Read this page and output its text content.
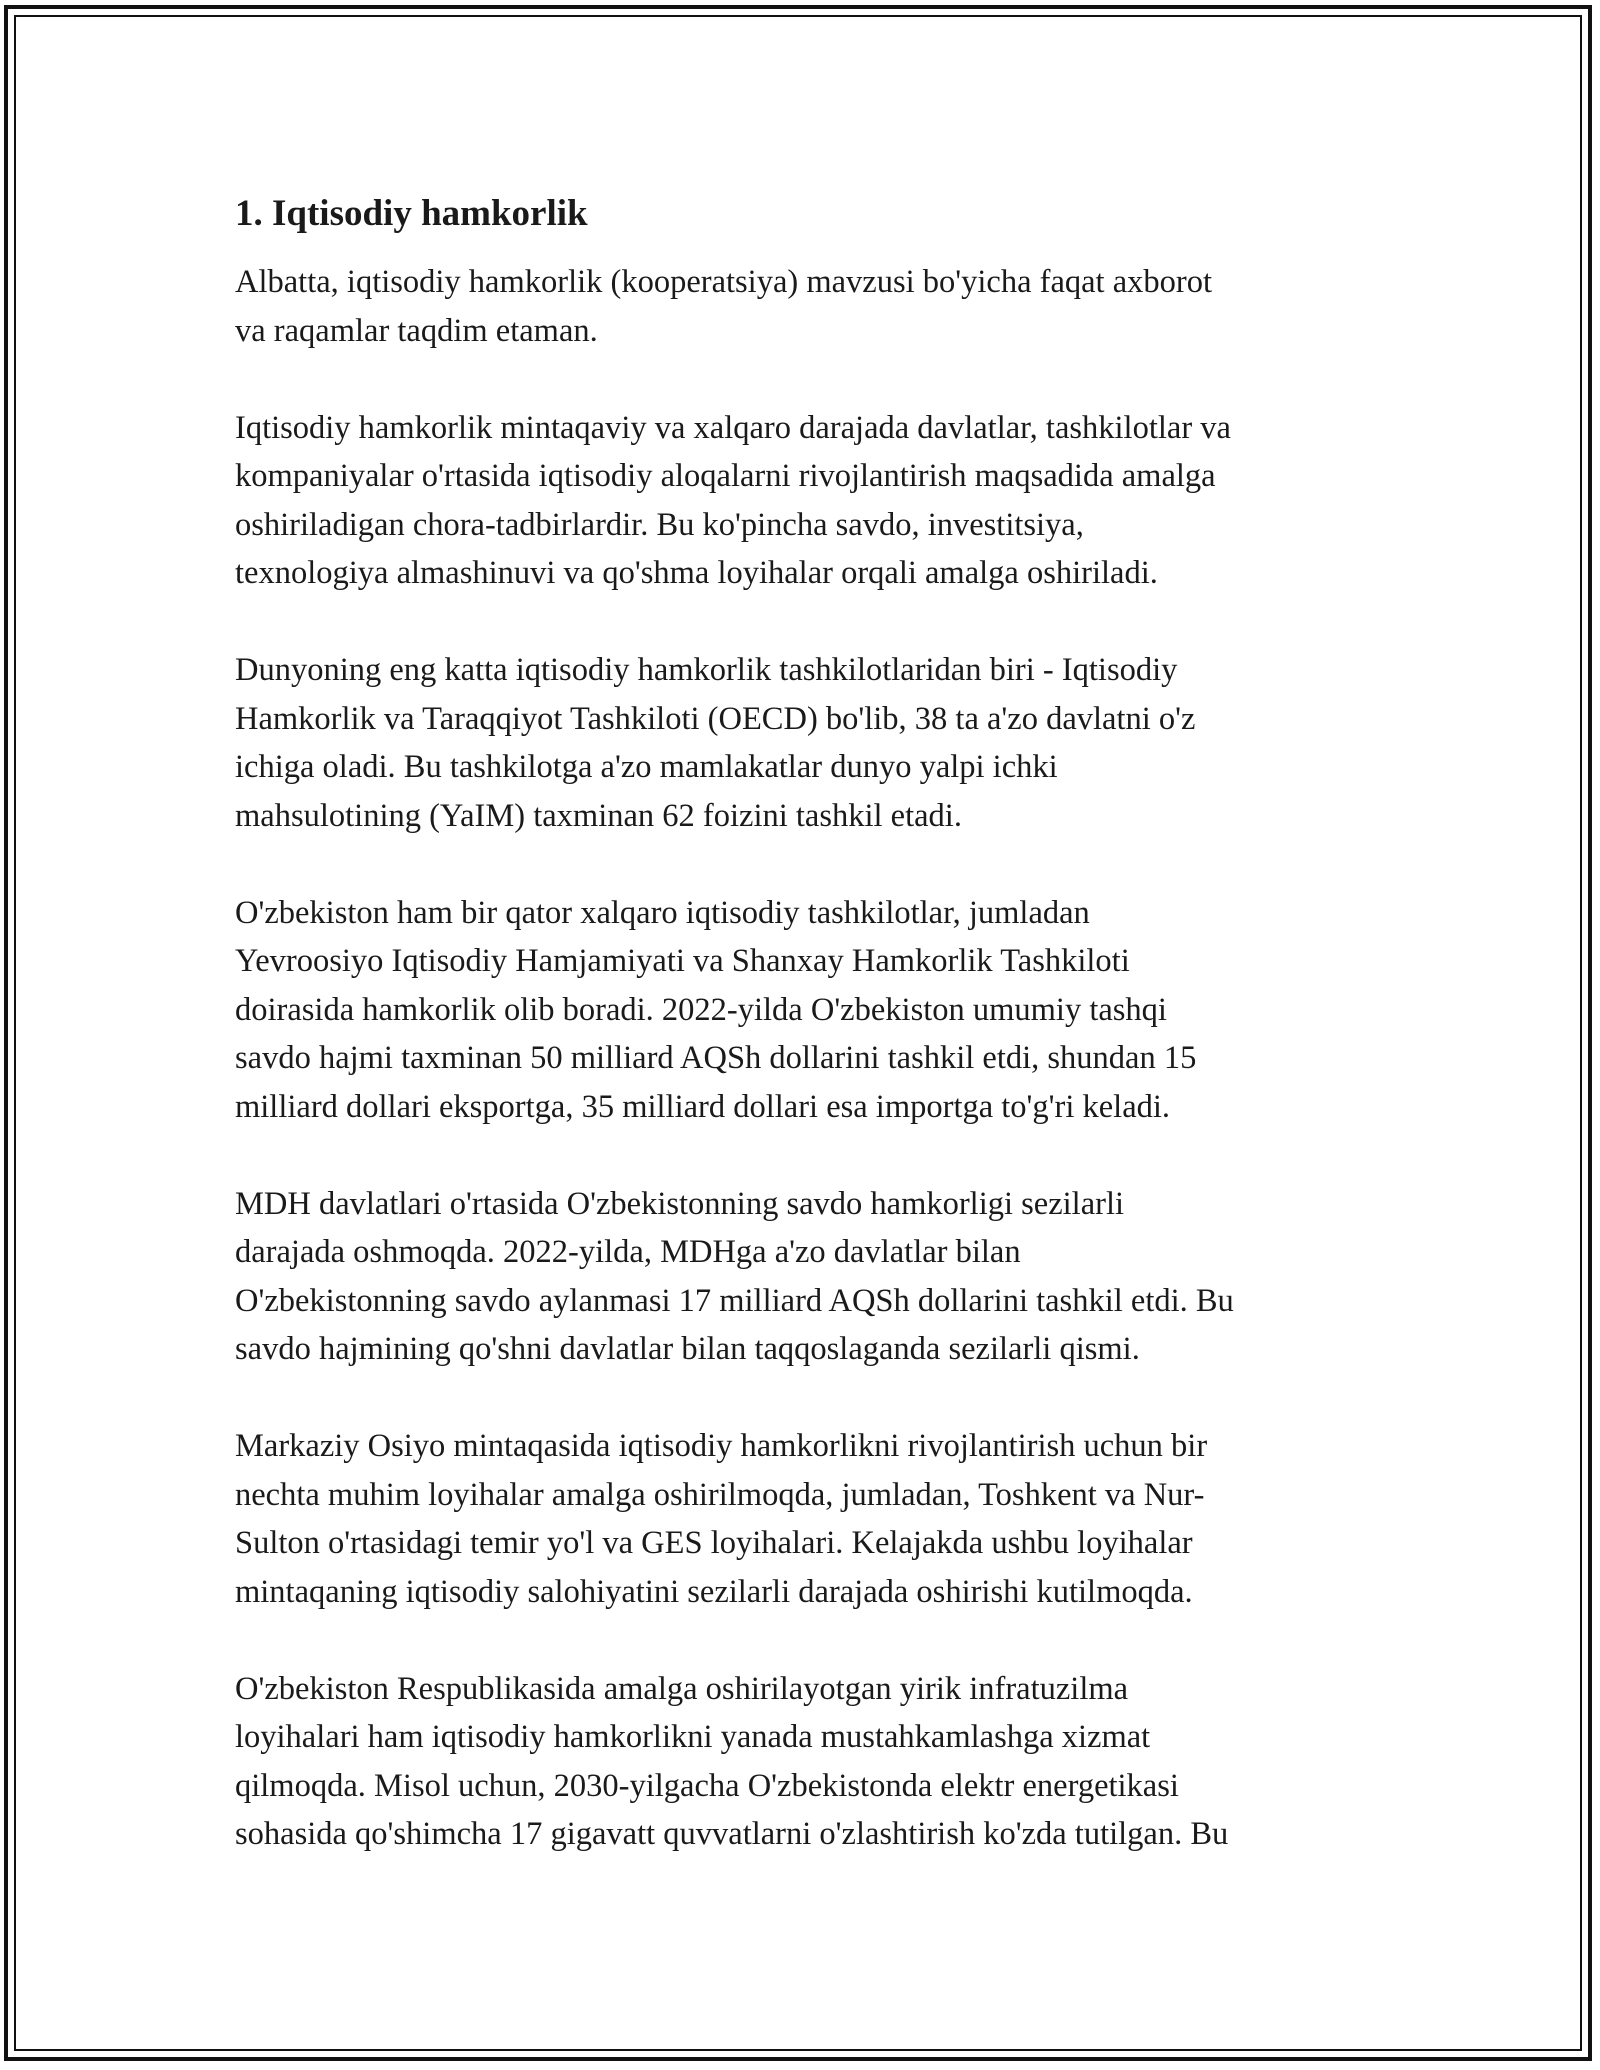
1. Iqtisodiy hamkorlik

Albatta, iqtisodiy hamkorlik (kooperatsiya) mavzusi bo'yicha faqat axborot
va raqamlar taqdim etaman.

Iqtisodiy hamkorlik mintaqaviy va xalqaro darajada davlatlar, tashkilotlar va
kompaniyalar o'rtasida iqtisodiy aloqalarni rivojlantirish maqsadida amalga
oshiriladigan chora-tadbirlardir. Bu ko'pincha savdo, investitsiya,
texnologiya almashinuvi va qo'shma loyihalar orqali amalga oshiriladi.

Dunyoning eng katta iqtisodiy hamkorlik tashkilotlaridan biri - Iqtisodiy
Hamkorlik va Taraqqiyot Tashkiloti (OECD) bo'lib, 38 ta a'zo davlatni o'z
ichiga oladi. Bu tashkilotga a'zo mamlakatlar dunyo yalpi ichki
mahsulotining (YaIM) taxminan 62 foizini tashkil etadi.

O'zbekiston ham bir qator xalqaro iqtisodiy tashkilotlar, jumladan
Yevroosiyo Iqtisodiy Hamjamiyati va Shanxay Hamkorlik Tashkiloti
doirasida hamkorlik olib boradi. 2022-yilda O'zbekiston umumiy tashqi
savdo hajmi taxminan 50 milliard AQSh dollarini tashkil etdi, shundan 15
milliard dollari eksportga, 35 milliard dollari esa importga to'g'ri keladi.

MDH davlatlari o'rtasida O'zbekistonning savdo hamkorligi sezilarli
darajada oshmoqda. 2022-yilda, MDHga a'zo davlatlar bilan
O'zbekistonning savdo aylanmasi 17 milliard AQSh dollarini tashkil etdi. Bu
savdo hajmining qo'shni davlatlar bilan taqqoslaganda sezilarli qismi.

Markaziy Osiyo mintaqasida iqtisodiy hamkorlikni rivojlantirish uchun bir
nechta muhim loyihalar amalga oshirilmoqda, jumladan, Toshkent va Nur-
Sulton o'rtasidagi temir yo'l va GES loyihalari. Kelajakda ushbu loyihalar
mintaqaning iqtisodiy salohiyatini sezilarli darajada oshirishi kutilmoqda.

O'zbekiston Respublikasida amalga oshirilayotgan yirik infratuzilma
loyihalari ham iqtisodiy hamkorlikni yanada mustahkamlashga xizmat
qilmoqda. Misol uchun, 2030-yilgacha O'zbekistonda elektr energetikasi
sohasida qo'shimcha 17 gigavatt quvvatlarni o'zlashtirish ko'zda tutilgan. Bu
